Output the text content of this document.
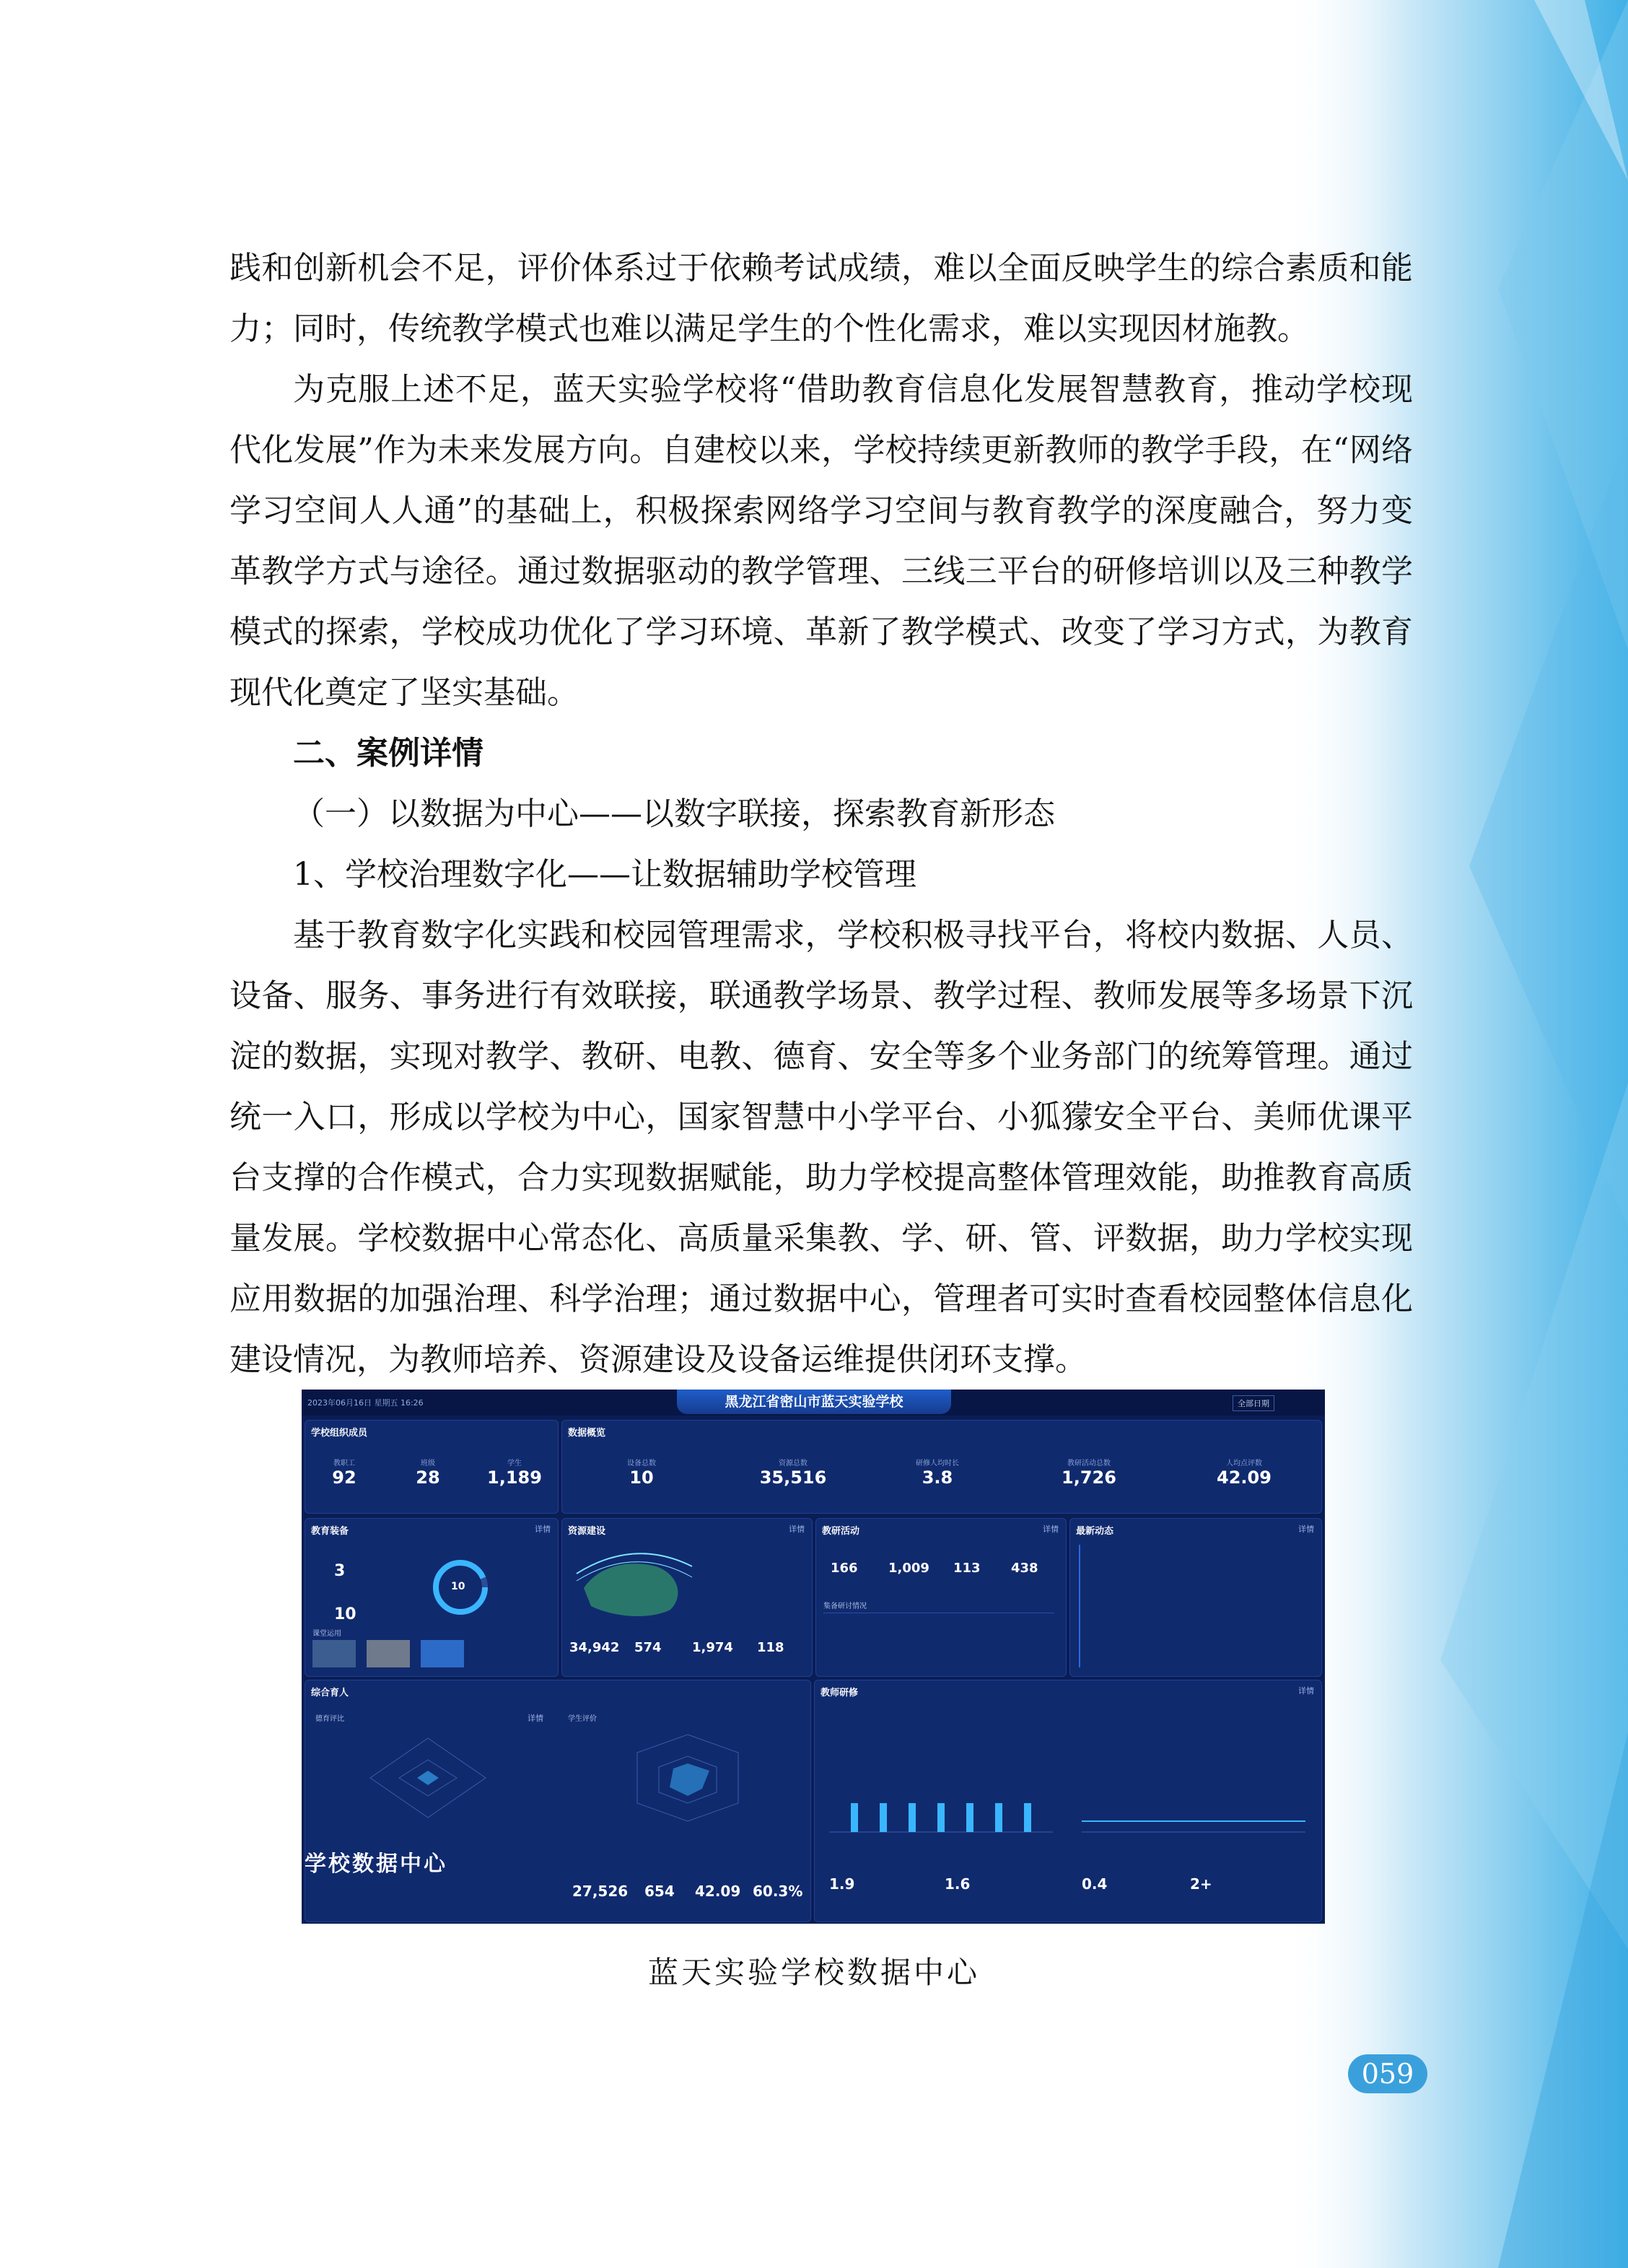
践和创新机会不足，评价体系过于依赖考试成绩，难以全面反映学生的综合素质和能力；同时，传统教学模式也难以满足学生的个性化需求，难以实现因材施教。

为克服上述不足，蓝天实验学校将“借助教育信息化发展智慧教育，推动学校现代化发展”作为未来发展方向。自建校以来，学校持续更新教师的教学手段，在“网络学习空间人人通”的基础上，积极探索网络学习空间与教育教学的深度融合，努力变革教学方式与途径。通过数据驱动的教学管理、三线三平台的研修培训以及三种教学模式的探索，学校成功优化了学习环境、革新了教学模式、改变了学习方式，为教育现代化奠定了坚实基础。

二、案例详情

（一）以数据为中心——以数字联接，探索教育新形态

1、学校治理数字化——让数据辅助学校管理

基于教育数字化实践和校园管理需求，学校积极寻找平台，将校内数据、人员、设备、服务、事务进行有效联接，联通教学场景、教学过程、教师发展等多场景下沉淀的数据，实现对教学、教研、电教、德育、安全等多个业务部门的统筹管理。通过统一入口，形成以学校为中心，国家智慧中小学平台、小狐獴安全平台、美师优课平台支撑的合作模式，合力实现数据赋能，助力学校提高整体管理效能，助推教育高质量发展。学校数据中心常态化、高质量采集教、学、研、管、评数据，助力学校实现应用数据的加强治理、科学治理；通过数据中心，管理者可实时查看校园整体信息化建设情况，为教师培养、资源建设及设备运维提供闭环支撑。

2023年06月16日 星期五 16:26	黑龙江省密山市蓝天实验学校	全部日期
学校组织成员
教职工
92
班级
28
学生
1,189
数据概览
设备总数
10
资源总数
35,516
研修人均时长
3.8
教研活动总数
1,726
人均点评数
42.09
教育装备	详情
3
10
10
课堂运用
资源建设	详情
34,942 574 1,974 118
教研活动	详情
166 1,009 113 438
集备研讨情况
最新动态	详情
综合育人
德育评比	学生评价
详情
27,526 654 42.09 60.3%
学校数据中心
教师研修	详情
1.9	1.6	0.4	2+
蓝天实验学校数据中心
059
